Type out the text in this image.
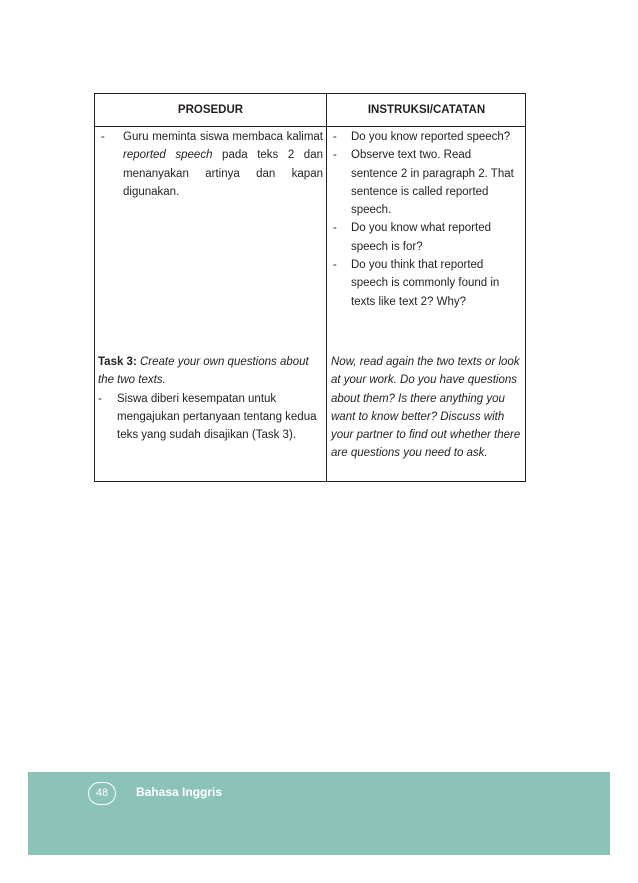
PROSEDUR	INSTRUKSI/CATATAN
- Guru meminta siswa membaca kalimat reported speech pada teks 2 dan menanyakan artinya dan kapan digunakan.
- Do you know reported speech?
- Observe text two. Read sentence 2 in paragraph 2. That sentence is called reported speech.
- Do you know what reported speech is for?
- Do you think that reported speech is commonly found in texts like text 2? Why?
Task 3: Create your own questions about the two texts.
- Siswa diberi kesempatan untuk mengajukan pertanyaan tentang kedua teks yang sudah disajikan (Task 3).
Now, read again the two texts or look at your work. Do you have questions about them? Is there anything you want to know better? Discuss with your partner to find out whether there are questions you need to ask.
48	Bahasa Inggris
